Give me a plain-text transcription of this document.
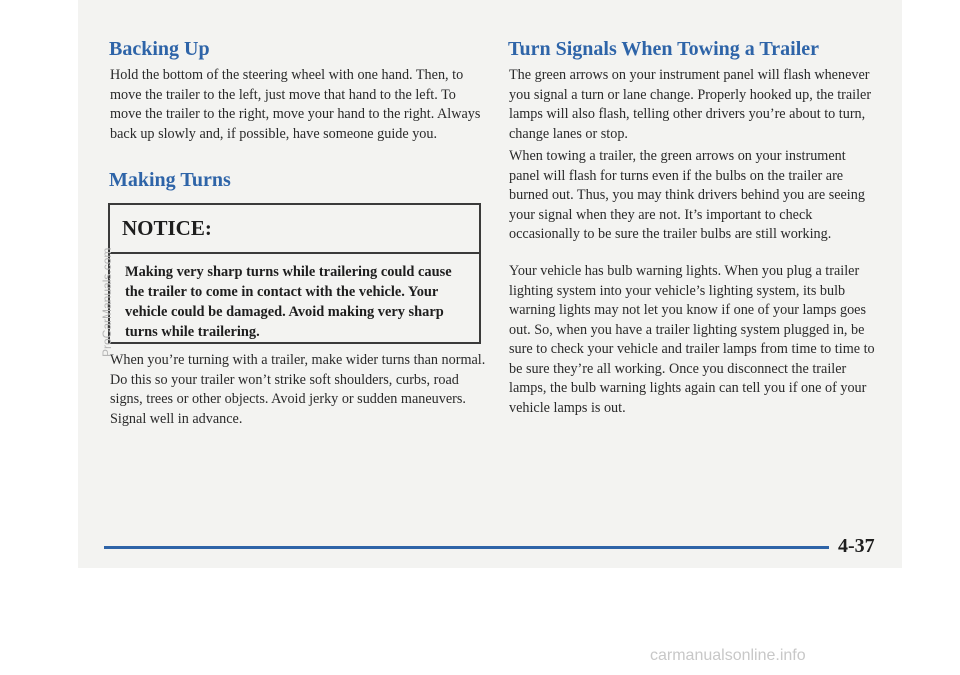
Backing Up

Hold the bottom of the steering wheel with one hand. Then, to move the trailer to the left, just move that hand to the left. To move the trailer to the right, move your hand to the right. Always back up slowly and, if possible, have someone guide you.

Making Turns
NOTICE:

Making very sharp turns while trailering could cause the trailer to come in contact with the vehicle. Your vehicle could be damaged. Avoid making very sharp turns while trailering.

When you’re turning with a trailer, make wider turns than normal. Do this so your trailer won’t strike soft shoulders, curbs, road signs, trees or other objects. Avoid jerky or sudden maneuvers. Signal well in advance.

Turn Signals When Towing a Trailer

The green arrows on your instrument panel will flash whenever you signal a turn or lane change. Properly hooked up, the trailer lamps will also flash, telling other drivers you’re about to turn, change lanes or stop.

When towing a trailer, the green arrows on your instrument panel will flash for turns even if the bulbs on the trailer are burned out. Thus, you may think drivers behind you are seeing your signal when they are not. It’s important to check occasionally to be sure the trailer bulbs are still working.

Your vehicle has bulb warning lights. When you plug a trailer lighting system into your vehicle’s lighting system, its bulb warning lights may not let you know if one of your lamps goes out. So, when you have a trailer lighting system plugged in, be sure to check your vehicle and trailer lamps from time to time to be sure they’re all working. Once you disconnect the trailer lamps, the bulb warning lights again can tell you if one of your vehicle lamps is out.

4-37
carmanualsonline.info
